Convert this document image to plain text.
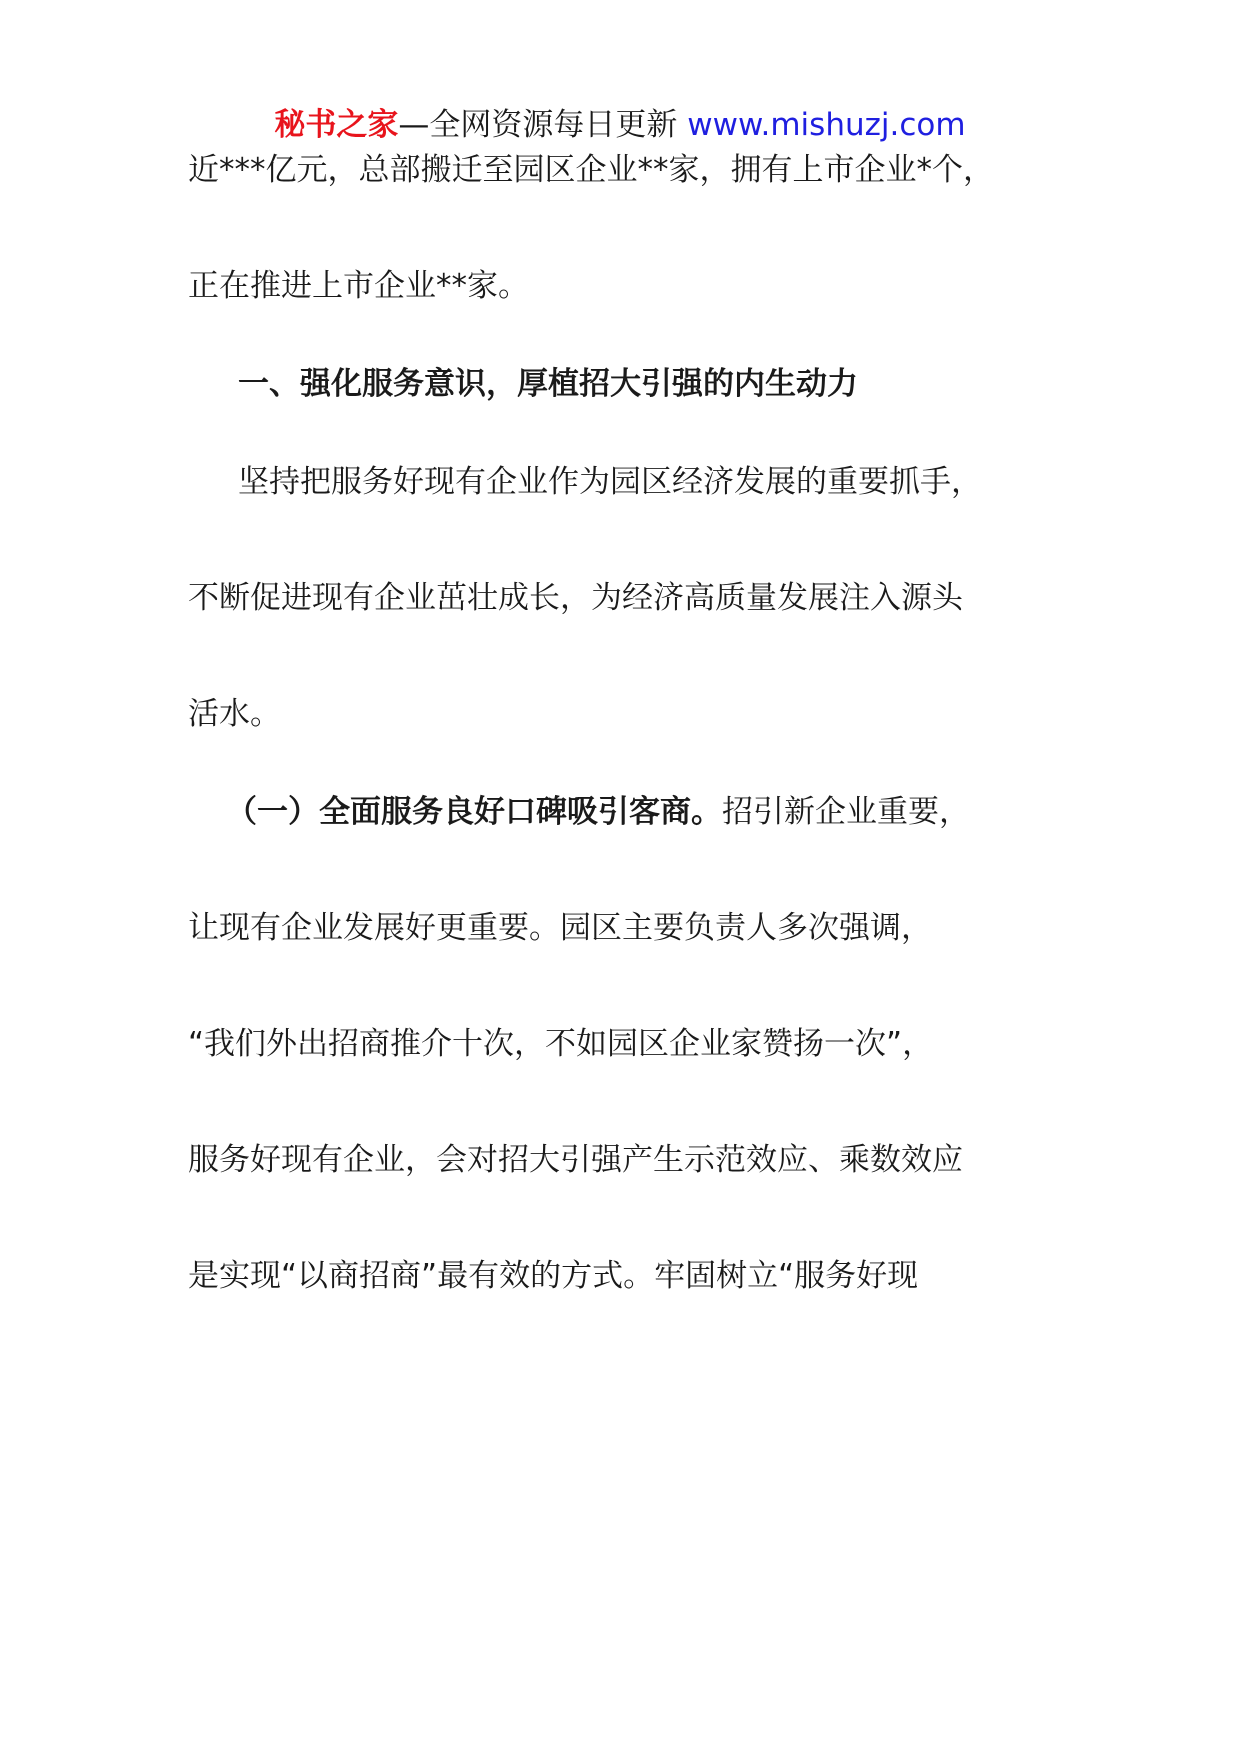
秘书之家—全网资源每日更新 www.mishuzj.com
近***亿元，总部搬迁至园区企业**家，拥有上市企业*个，
正在推进上市企业**家。
一、强化服务意识，厚植招大引强的内生动力
坚持把服务好现有企业作为园区经济发展的重要抓手，
不断促进现有企业茁壮成长，为经济高质量发展注入源头
活水。
（一）全面服务良好口碑吸引客商。招引新企业重要，
让现有企业发展好更重要。园区主要负责人多次强调，
“我们外出招商推介十次，不如园区企业家赞扬一次”，
服务好现有企业，会对招大引强产生示范效应、乘数效应
是实现“以商招商”最有效的方式。牢固树立“服务好现
